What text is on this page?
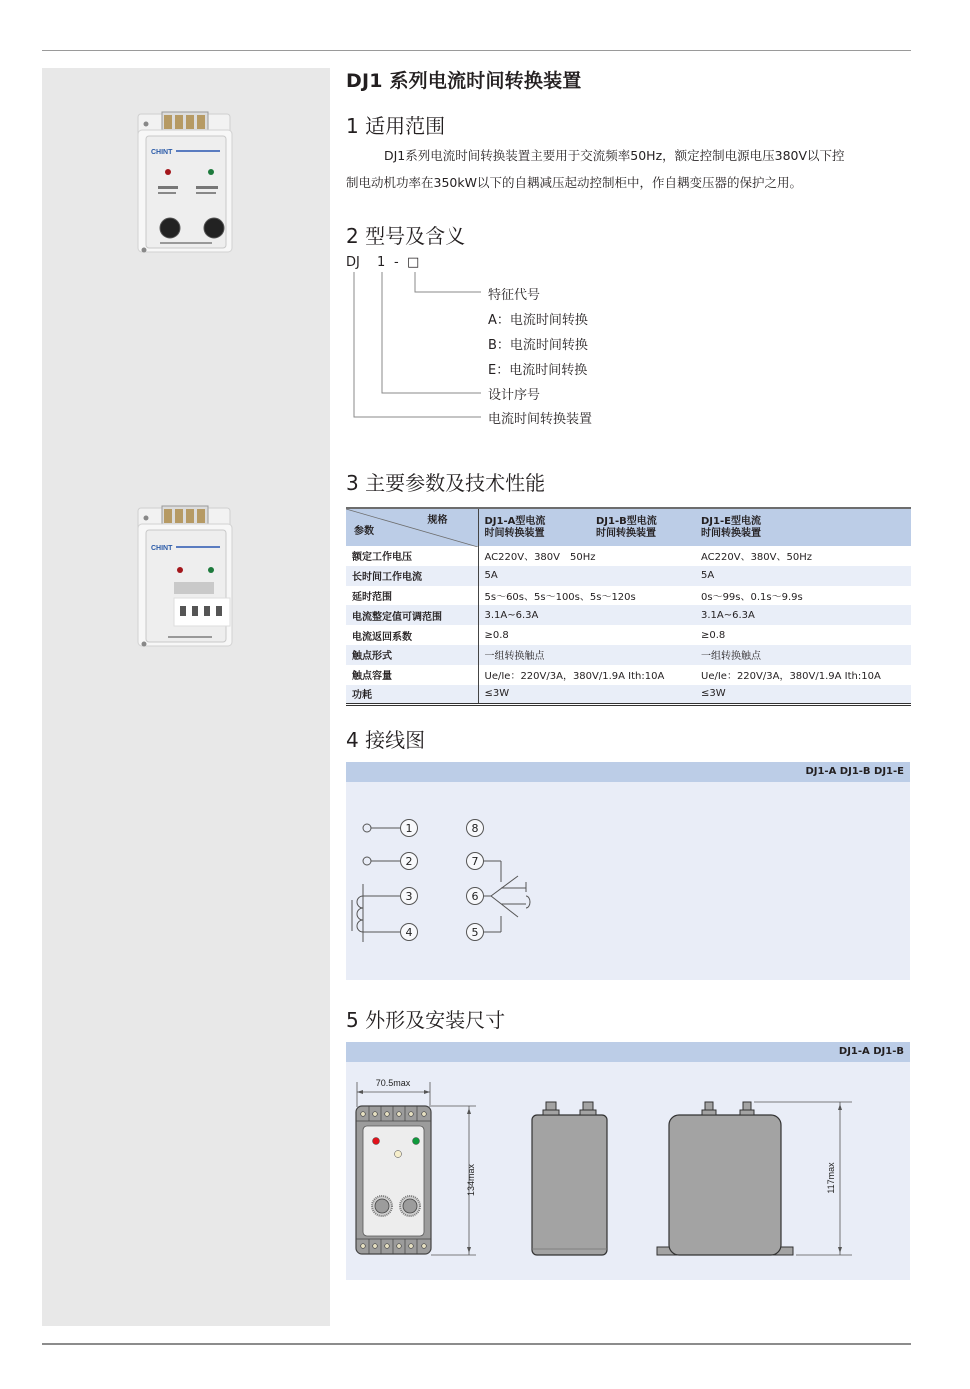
CHINT
CHINT
DJ1 系列电流时间转换装置
1 适用范围
DJ1系列电流时间转换装置主要用于交流频率50Hz，额定控制电源电压380V以下控
制电动机功率在350kW以下的自耦减压起动控制柜中，作自耦变压器的保护之用。
2 型号及含义
DJ 1 - □
特征代号
A：电流时间转换
B：电流时间转换
E：电流时间转换
设计序号
电流时间转换装置
3 主要参数及技术性能
规格
参数

DJ1-A型电流
时间转换装置

DJ1-B型电流
时间转换装置

DJ1-E型电流
时间转换装置

额定工作电压	AC220V、380V　50Hz		AC220V、380V、50Hz
长时间工作电流	5A		5A
延时范围	5s～60s、5s～100s、5s～120s		0s～99s、0.1s～9.9s
电流整定值可调范围	3.1A~6.3A		3.1A~6.3A
电流返回系数	≥0.8		≥0.8
触点形式	一组转换触点		一组转换触点
触点容量	Ue/Ie：220V/3A，380V/1.9A Ith:10A		Ue/Ie：220V/3A，380V/1.9A Ith:10A
功耗	≤3W		≤3W
4 接线图
DJ1-A DJ1-B DJ1-E
1
2
3
4	5
6
7
8
5 外形及安装尺寸
DJ1-A DJ1-B
70.5max
134max	117max
